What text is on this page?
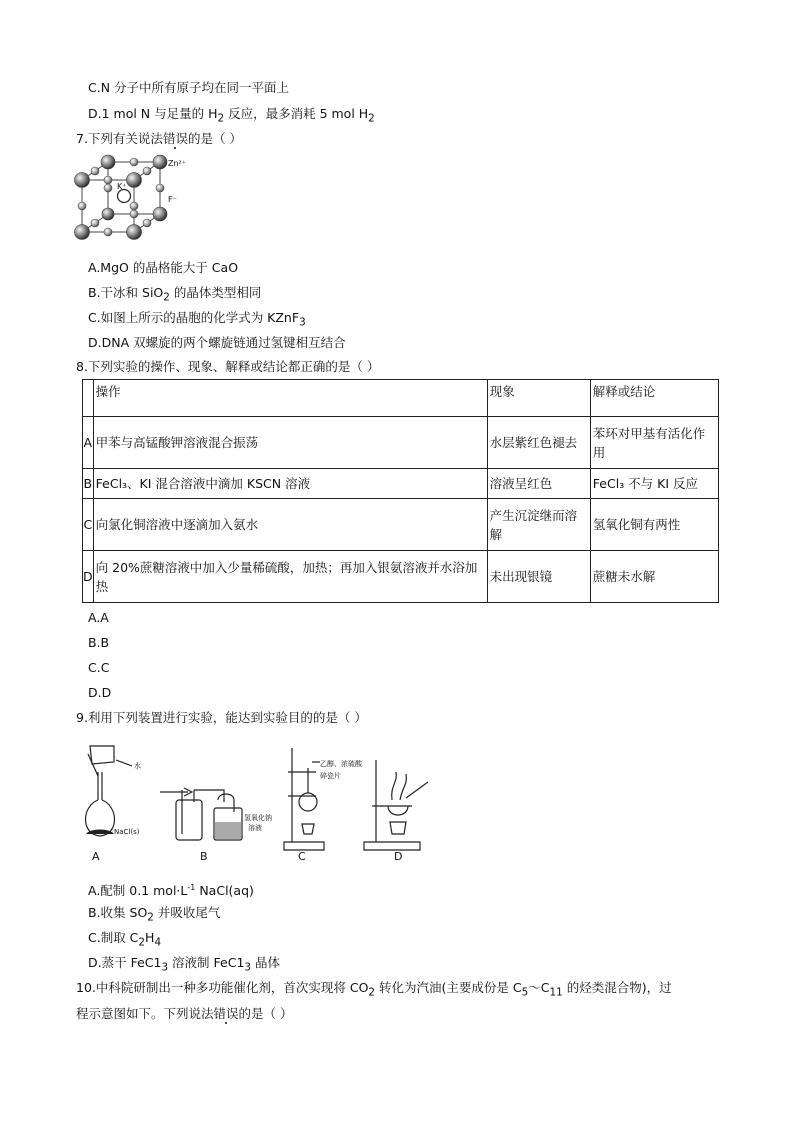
C.N 分子中所有原子均在同一平面上
D.1 mol N 与足量的 $H_2$ 反应，最多消耗 5 mol $H_2$
7.下列有关说法错误的是（ ）
Zn²⁺
K⁺
F⁻
A.MgO 的晶格能大于 CaO
B.干冰和 SiO$_2$ 的晶体类型相同
C.如图上所示的晶胞的化学式为 KZnF$_3$
D.DNA 双螺旋的两个螺旋链通过氢键相互结合
8.下列实验的操作、现象、解释或结论都正确的是（ ）
	操作	现象	解释或结论
A	甲苯与高锰酸钾溶液混合振荡	水层紫红色褪去	苯环对甲基有活化作用
B	FeCl₃、KI 混合溶液中滴加 KSCN 溶液	溶液呈红色	FeCl₃ 不与 KI 反应
C	向氯化铜溶液中逐滴加入氨水	产生沉淀继而溶解	氢氧化铜有两性
D	向 20%蔗糖溶液中加入少量稀硫酸，加热；再加入银氨溶液并水浴加热	未出现银镜	蔗糖未水解
A.A
B.B
C.C
D.D
9.利用下列装置进行实验，能达到实验目的的是（ ）
水
NaCl(s)
氢氧化钠
溶液
乙醇、浓硫酸
碎瓷片
A	B	C	D
A.配制 0.1 $mol\cdot L^{-1}$ NaCl(aq)
B.收集 $SO_2$ 并吸收尾气
C.制取 $C_2H_4$
D.蒸干 $FeC1_3$ 溶液制 $FeC1_3$ 晶体
10.中科院研制出一种多功能催化剂，首次实现将 $CO_2$ 转化为汽油(主要成份是 $C_5\sim C_{11}$ 的烃类混合物)，过
程示意图如下。下列说法错误的是（ ）
